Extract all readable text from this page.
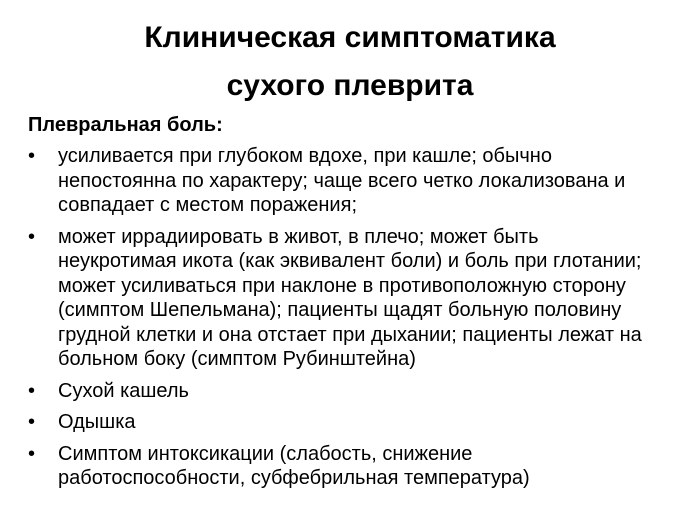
Клиническая симптоматика
сухого плеврита

Плевральная боль:

• усиливается при глубоком вдохе, при кашле; обычно
непостоянна по характеру; чаще всего четко локализована и
совпадает с местом поражения;
• может иррадиировать в живот, в плечо; может быть
неукротимая икота (как эквивалент боли) и боль при глотании;
может усиливаться при наклоне в противоположную сторону
(симптом Шепельмана); пациенты щадят больную половину
грудной клетки и она отстает при дыхании; пациенты лежат на
больном боку (симптом Рубинштейна)
• Сухой кашель
• Одышка
• Симптом интоксикации (слабость, снижение
работоспособности, субфебрильная температура)
